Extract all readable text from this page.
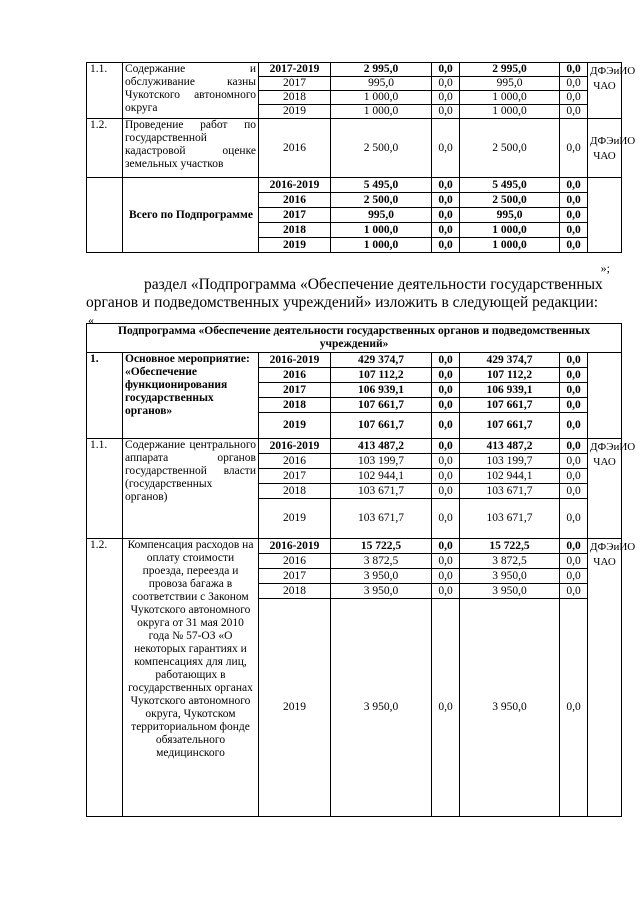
1.1.	Содержание и обслуживание казны Чукотского автономного округа	2017-2019	2 995,0	0,0	2 995,0	0,0	ДФЭиИО ЧАО
		2017	995,0	0,0	995,0	0,0	
		2018	1 000,0	0,0	1 000,0	0,0	
		2019	1 000,0	0,0	1 000,0	0,0	
1.2.	Проведение работ по государственной кадастровой оценке земельных участков	2016	2 500,0	0,0	2 500,0	0,0	ДФЭиИО ЧАО
	Всего по Подпрограмме	2016-2019	5 495,0	0,0	5 495,0	0,0	
		2016	2 500,0	0,0	2 500,0	0,0	
		2017	995,0	0,0	995,0	0,0	
		2018	1 000,0	0,0	1 000,0	0,0	
		2019	1 000,0	0,0	1 000,0	0,0	
»;
раздел «Подпрограмма «Обеспечение деятельности государственных
органов и подведомственных учреждений» изложить в следующей редакции:
«
Подпрограмма «Обеспечение деятельности государственных органов и подведомственных учреждений»							
1.	Основное мероприятие: «Обеспечение функционирования государственных органов»	2016-2019	429 374,7	0,0	429 374,7	0,0	
		2016	107 112,2	0,0	107 112,2	0,0	
		2017	106 939,1	0,0	106 939,1	0,0	
		2018	107 661,7	0,0	107 661,7	0,0	
		2019	107 661,7	0,0	107 661,7	0,0	
1.1.	Содержание центрального аппарата органов государственной власти (государственных органов)	2016-2019	413 487,2	0,0	413 487,2	0,0	ДФЭиИО ЧАО
		2016	103 199,7	0,0	103 199,7	0,0	
		2017	102 944,1	0,0	102 944,1	0,0	
		2018	103 671,7	0,0	103 671,7	0,0	
		2019	103 671,7	0,0	103 671,7	0,0	
1.2.	Компенсация расходов на оплату стоимости проезда, переезда и провоза багажа в соответствии с Законом Чукотского автономного округа от 31 мая 2010 года № 57-ОЗ «О некоторых гарантиях и компенсациях для лиц, работающих в государственных органах Чукотского автономного округа, Чукотском территориальном фонде обязательного медицинского	2016-2019	15 722,5	0,0	15 722,5	0,0	ДФЭиИО ЧАО
		2016	3 872,5	0,0	3 872,5	0,0	
		2017	3 950,0	0,0	3 950,0	0,0	
		2018	3 950,0	0,0	3 950,0	0,0	
		2019	3 950,0	0,0	3 950,0	0,0	
